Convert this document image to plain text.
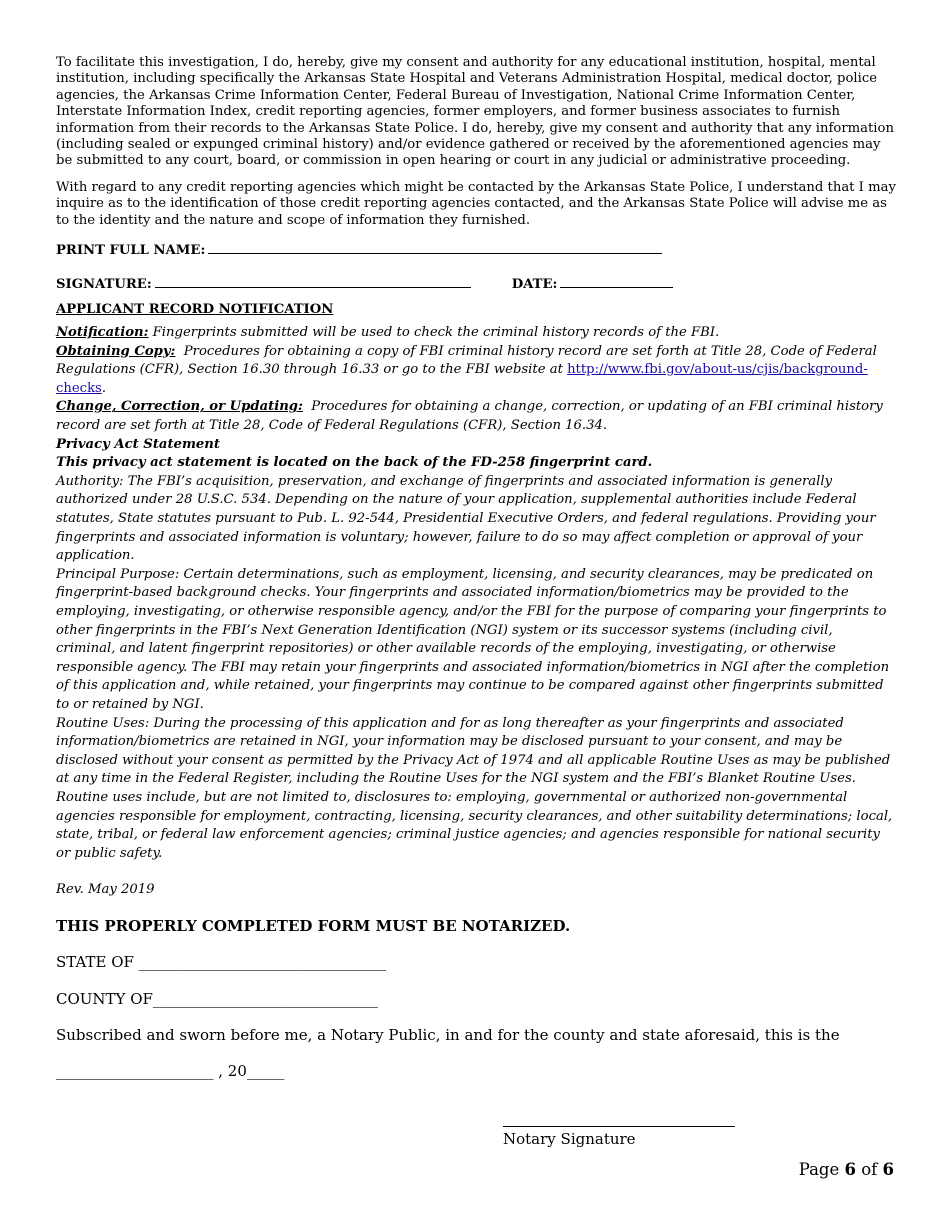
To facilitate this investigation, I do, hereby, give my consent and authority for any educational institution, hospital, mental institution, including specifically the Arkansas State Hospital and Veterans Administration Hospital, medical doctor, police agencies, the Arkansas Crime Information Center, Federal Bureau of Investigation, National Crime Information Center, Interstate Information Index, credit reporting agencies, former employers, and former business associates to furnish information from their records to the Arkansas State Police. I do, hereby, give my consent and authority that any information (including sealed or expunged criminal history) and/or evidence gathered or received by the aforementioned agencies may be submitted to any court, board, or commission in open hearing or court in any judicial or administrative proceeding.

With regard to any credit reporting agencies which might be contacted by the Arkansas State Police, I understand that I may inquire as to the identification of those credit reporting agencies contacted, and the Arkansas State Police will advise me as to the identity and the nature and scope of information they furnished.

PRINT FULL NAME:
SIGNATURE:	DATE:
APPLICANT RECORD NOTIFICATION

Notification: Fingerprints submitted will be used to check the criminal history records of the FBI.

Obtaining Copy:  Procedures for obtaining a copy of FBI criminal history record are set forth at Title 28, Code of Federal Regulations (CFR), Section 16.30 through 16.33 or go to the FBI website at http://www.fbi.gov/about-us/cjis/background-checks.

Change, Correction, or Updating:  Procedures for obtaining a change, correction, or updating of an FBI criminal history record are set forth at Title 28, Code of Federal Regulations (CFR), Section 16.34.

Privacy Act Statement

This privacy act statement is located on the back of the FD-258 fingerprint card.

Authority: The FBI’s acquisition, preservation, and exchange of fingerprints and associated information is generally authorized under 28 U.S.C. 534. Depending on the nature of your application, supplemental authorities include Federal statutes, State statutes pursuant to Pub. L. 92-544, Presidential Executive Orders, and federal regulations. Providing your fingerprints and associated information is voluntary; however, failure to do so may affect completion or approval of your application.

Principal Purpose: Certain determinations, such as employment, licensing, and security clearances, may be predicated on fingerprint-based background checks. Your fingerprints and associated information/biometrics may be provided to the employing, investigating, or otherwise responsible agency, and/or the FBI for the purpose of comparing your fingerprints to other fingerprints in the FBI’s Next Generation Identification (NGI) system or its successor systems (including civil, criminal, and latent fingerprint repositories) or other available records of the employing, investigating, or otherwise responsible agency. The FBI may retain your fingerprints and associated information/biometrics in NGI after the completion of this application and, while retained, your fingerprints may continue to be compared against other fingerprints submitted to or retained by NGI.

Routine Uses: During the processing of this application and for as long thereafter as your fingerprints and associated information/biometrics are retained in NGI, your information may be disclosed pursuant to your consent, and may be disclosed without your consent as permitted by the Privacy Act of 1974 and all applicable Routine Uses as may be published at any time in the Federal Register, including the Routine Uses for the NGI system and the FBI’s Blanket Routine Uses. Routine uses include, but are not limited to, disclosures to: employing, governmental or authorized non-governmental agencies responsible for employment, contracting, licensing, security clearances, and other suitability determinations; local, state, tribal, or federal law enforcement agencies; criminal justice agencies; and agencies responsible for national security or public safety.

Rev. May 2019

THIS PROPERLY COMPLETED FORM MUST BE NOTARIZED.

STATE OF _________________________________

COUNTY OF______________________________

Subscribed and sworn before me, a Notary Public, in and for the county and state aforesaid, this is the

_____________________ , 20_____

Notary Signature
Page 6 of 6
